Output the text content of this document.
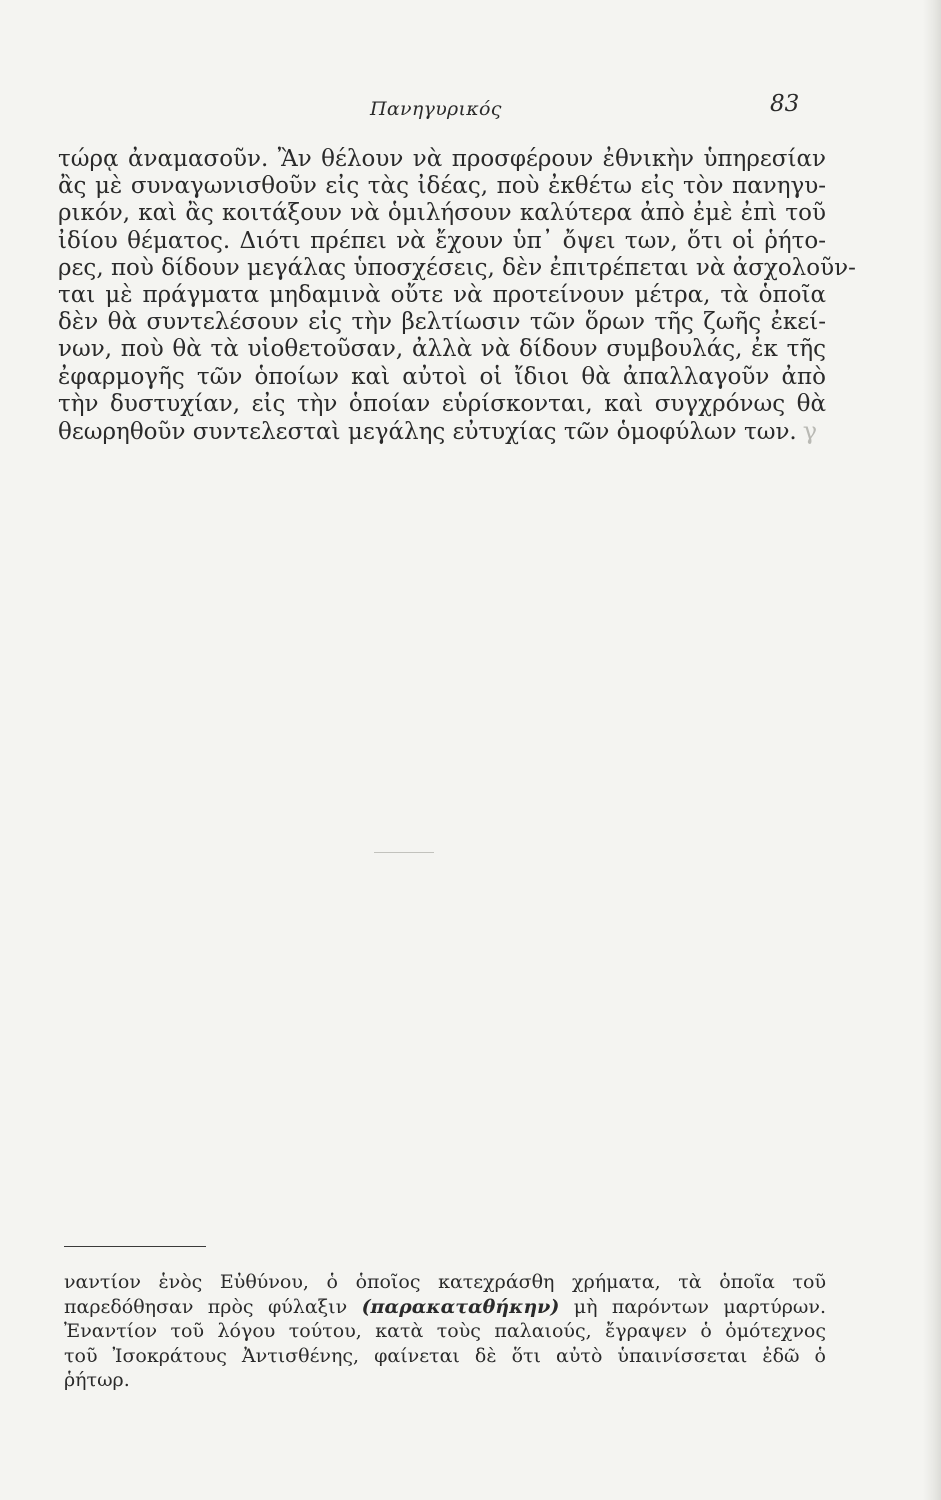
Πανηγυρικός	83
τώρᾳ ἀναμασοῦν. Ἂν θέλουν νὰ προσφέρουν ἐθνικὴν ὑπηρεσίαν
ἂς μὲ συναγωνισθοῦν εἰς τὰς ἰδέας, ποὺ ἐκθέτω εἰς τὸν πανηγυ-
ρικόν, καὶ ἂς κοιτάξουν νὰ ὁμιλήσουν καλύτερα ἀπὸ ἐμὲ ἐπὶ τοῦ
ἰδίου θέματος. Διότι πρέπει νὰ ἔχουν ὑπ᾽ ὄψει των, ὅτι οἱ ῥήτο-
ρες, ποὺ δίδουν μεγάλας ὑποσχέσεις, δὲν ἐπιτρέπεται νὰ ἀσχολοῦν-
ται μὲ πράγματα μηδαμινὰ οὔτε νὰ προτείνουν μέτρα, τὰ ὁποῖα
δὲν θὰ συντελέσουν εἰς τὴν βελτίωσιν τῶν ὅρων τῆς ζωῆς ἐκεί-
νων, ποὺ θὰ τὰ υἱοθετοῦσαν, ἀλλὰ νὰ δίδουν συμβουλάς, ἐκ τῆς
ἐφαρμογῆς τῶν ὁποίων καὶ αὐτοὶ οἱ ἴδιοι θὰ ἀπαλλαγοῦν ἀπὸ
τὴν δυστυχίαν, εἰς τὴν ὁποίαν εὑρίσκονται, καὶ συγχρόνως θὰ
θεωρηθοῦν συντελεσταὶ μεγάλης εὐτυχίας τῶν ὁμοφύλων των. γ
ναντίον ἑνὸς Εὐθύνου, ὁ ὁποῖος κατεχράσθη χρήματα, τὰ ὁποῖα τοῦ
παρεδόθησαν πρὸς φύλαξιν (παρακαταθήκην) μὴ παρόντων μαρτύρων.
Ἐναντίον τοῦ λόγου τούτου, κατὰ τοὺς παλαιούς, ἔγραψεν ὁ ὁμότεχνος
τοῦ Ἰσοκράτους Ἀντισθένης, φαίνεται δὲ ὅτι αὐτὸ ὑπαινίσσεται ἐδῶ ὁ
ῥήτωρ.
